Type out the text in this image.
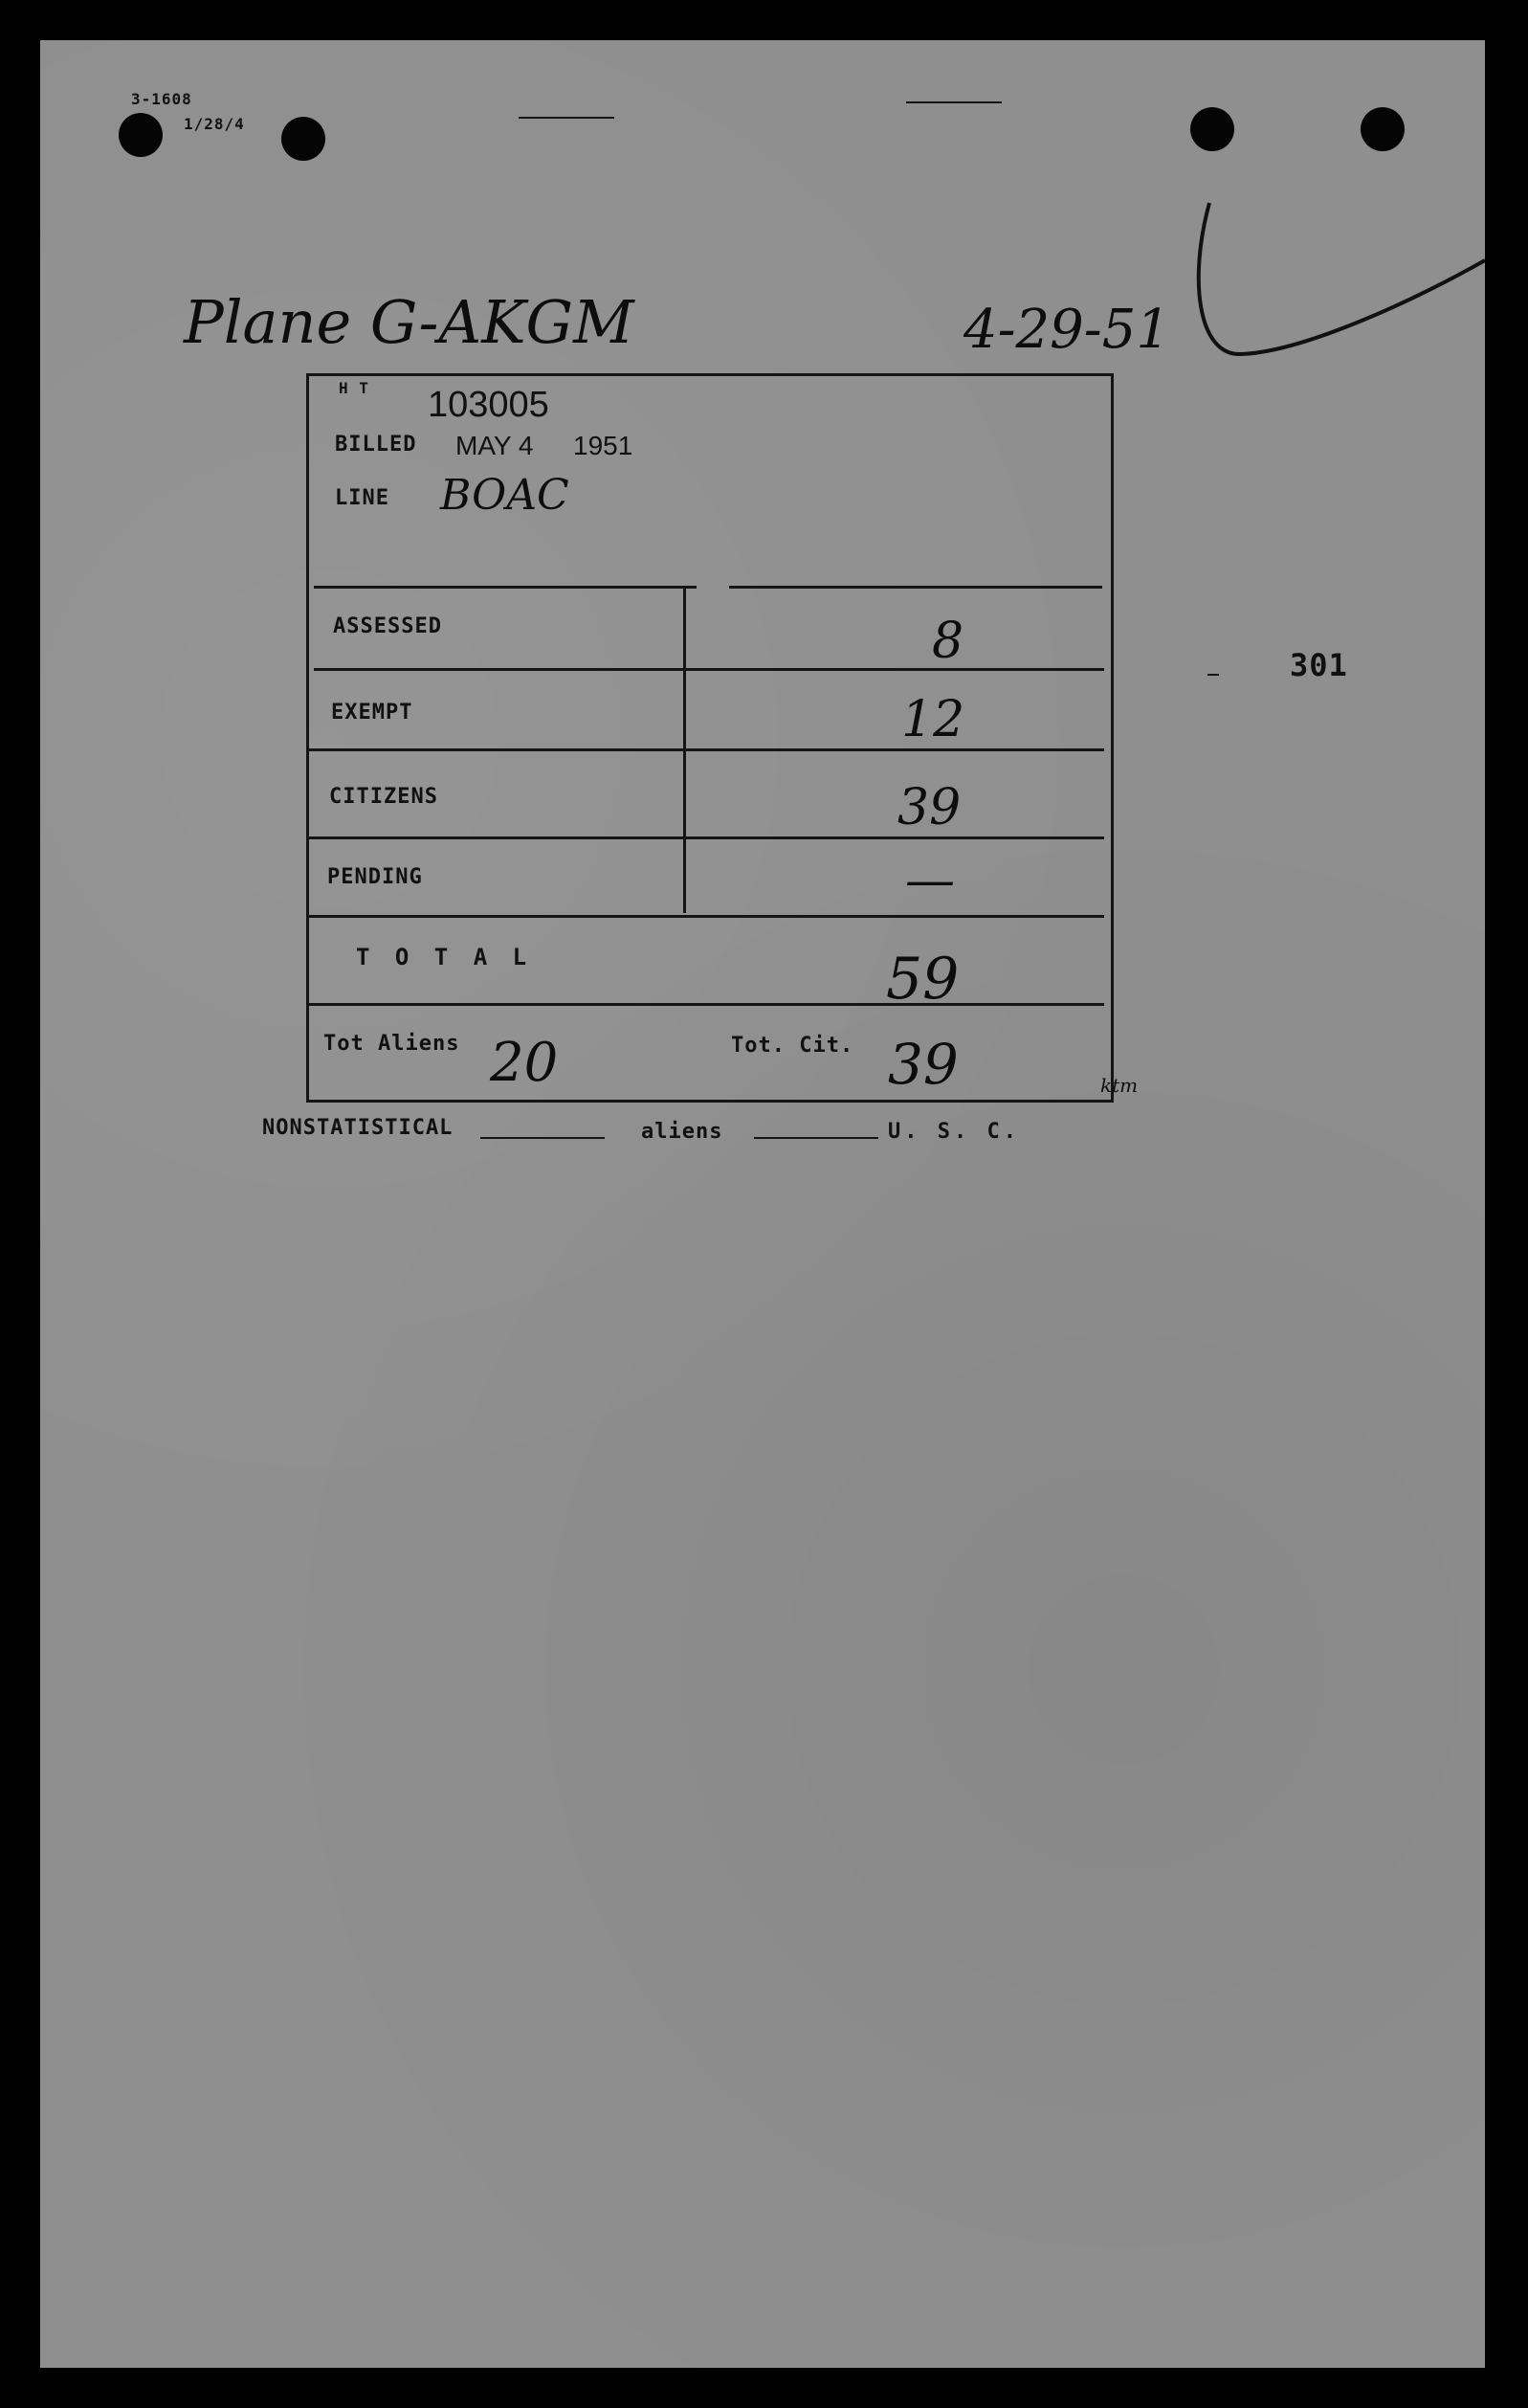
3-1608
1/28/4
Plane G-AKGM	4-29-51
301
H T 103005
BILLED MAY 4 1951
LINE BOAC
ASSESSED	8
EXEMPT	12
CITIZENS	39
PENDING	—
T O T A L	59
Tot Aliens 20	Tot. Cit. 39	ktm
NONSTATISTICAL	aliens	U. S. C.
